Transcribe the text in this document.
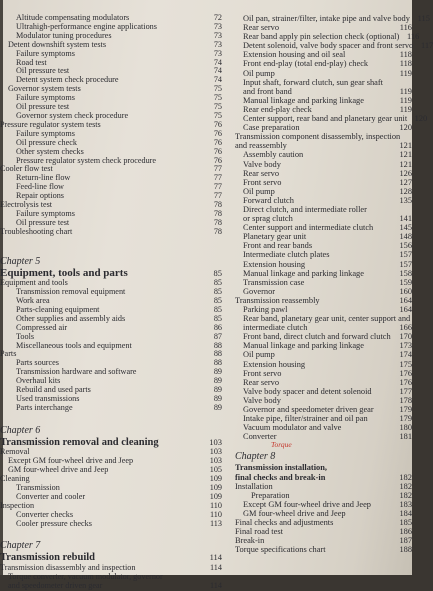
Altitude compensating modulators	72
Ultrahigh-performance engine applications	73
Modulator tuning procedures	73
Detent downshift system tests	73
Failure symptoms	73
Road test	74
Oil pressure test	74
Detent system check procedure	74
Governor system tests	75
Failure symptoms	75
Oil pressure test	75
Governor system check procedure	75
Pressure regulator system tests	76
Failure symptoms	76
Oil pressure check	76
Other system checks	76
Pressure regulator system check procedure	76
Cooler flow test	77
Return-line flow	77
Feed-line flow	77
Repair options	77
Electrolysis test	78
Failure symptoms	78
Oil pressure test	78
Troubleshooting chart	78
Chapter 5
Equipment, tools and parts	85
Equipment and tools	85
Transmission removal equipment	85
Work area	85
Parts-cleaning equipment	85
Other supplies and assembly aids	85
Compressed air	86
Tools	87
Miscellaneous tools and equipment	88
Parts	88
Parts sources	88
Transmission hardware and software	89
Overhaul kits	89
Rebuild and used parts	89
Used transmissions	89
Parts interchange	89
Chapter 6
Transmission removal and cleaning	103
Removal	103
Except GM four-wheel drive and Jeep	103
GM four-wheel drive and Jeep	105
Cleaning	109
Transmission	109
Converter and cooler	109
Inspection	110
Converter checks	110
Cooler pressure checks	113
Chapter 7
Transmission rebuild	114
Transmission disassembly and inspection	114
Torque converter, vacuum modulator, governor
and speedometer driven gear	114
Oil pan, strainer/filter, intake pipe and valve body 115
Rear servo	116
Rear band apply pin selection check (optional) 116
Detent solenoid, valve body spacer and front servo 117
Extension housing and oil seal	118
Front end-play (total end-play) check	118
Oil pump	119
Input shaft, forward clutch, sun gear shaft
and front band	119
Manual linkage and parking linkage	119
Rear end-play check	119
Center support, rear band and planetary gear unit 120
Case preparation	120
Transmission component disassembly, inspection
and reassembly	121
Assembly caution	121
Valve body	121
Rear servo	126
Front servo	127
Oil pump	128
Forward clutch	135
Direct clutch, and intermediate roller
or sprag clutch	141
Center support and intermediate clutch	145
Planetary gear unit	148
Front and rear bands	156
Intermediate clutch plates	157
Extension housing	157
Manual linkage and parking linkage	158
Transmission case	159
Governor	160
Transmission reassembly	164
Parking pawl	164
Rear band, planetary gear unit, center support and
intermediate clutch	166
Front band, direct clutch and forward clutch	170
Manual linkage and parking linkage	173
Oil pump	174
Extension housing	175
Front servo	176
Rear servo	176
Valve body spacer and detent solenoid	177
Valve body	178
Governor and speedometer driven gear	179
Intake pipe, filter/strainer and oil pan	179
Vacuum modulator and valve	180
Converter	181
Torque
Chapter 8
Transmission installation,
final checks and break-in	182
Installation	182
Preparation	182
Except GM four-wheel drive and Jeep	183
GM four-wheel drive and Jeep	184
Final checks and adjustments	185
Final road test	186
Break-in	187
Torque specifications chart	188
